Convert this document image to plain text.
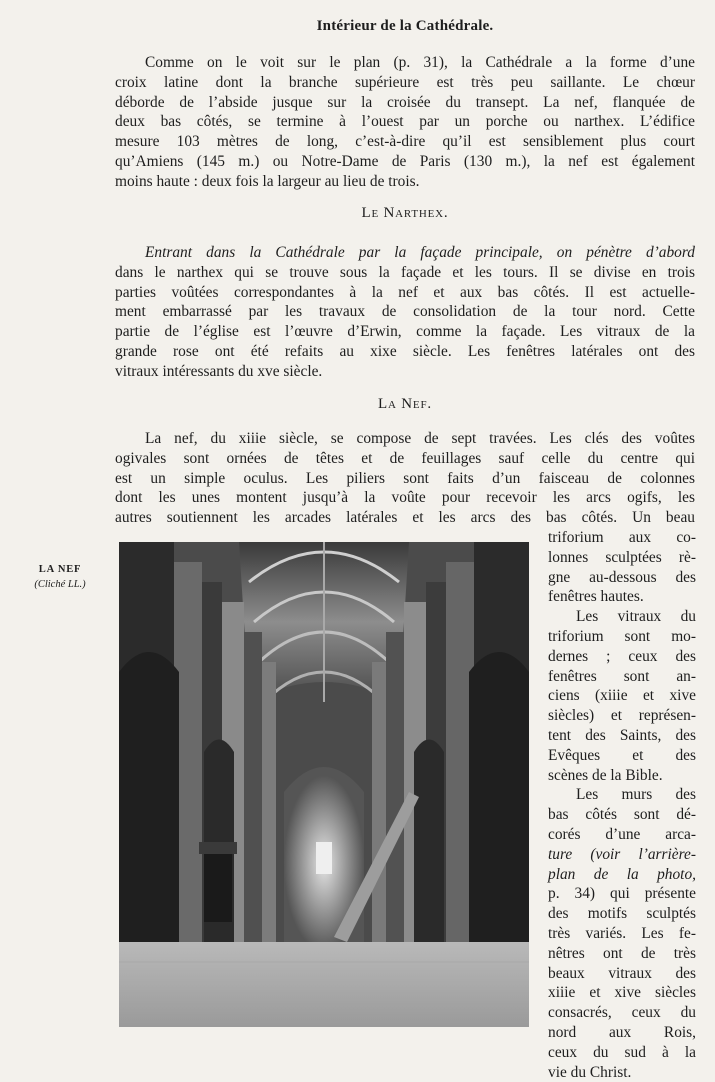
Intérieur de la Cathédrale.
Comme on le voit sur le plan (p. 31), la Cathédrale a la forme d’une
croix latine dont la branche supérieure est très peu saillante. Le chœur
déborde de l’abside jusque sur la croisée du transept. La nef, flanquée de
deux bas côtés, se termine à l’ouest par un porche ou narthex. L’édifice
mesure 103 mètres de long, c’est-à-dire qu’il est sensiblement plus court
qu’Amiens (145 m.) ou Notre-Dame de Paris (130 m.), la nef est également
moins haute : deux fois la largeur au lieu de trois.
Le Narthex.
Entrant dans la Cathédrale par la façade principale, on pénètre d’abord
dans le narthex qui se trouve sous la façade et les tours. Il se divise en trois
parties voûtées correspondantes à la nef et aux bas côtés. Il est actuelle-
ment embarrassé par les travaux de consolidation de la tour nord. Cette
partie de l’église est l’œuvre d’Erwin, comme la façade. Les vitraux de la
grande rose ont été refaits au xixe siècle. Les fenêtres latérales ont des
vitraux intéressants du xve siècle.
La Nef.
La nef, du xiiie siècle, se compose de sept travées. Les clés des voûtes
ogivales sont ornées de têtes et de feuillages sauf celle du centre qui
est un simple oculus. Les piliers sont faits d’un faisceau de colonnes
dont les unes montent jusqu’à la voûte pour recevoir les arcs ogifs, les
autres soutiennent les arcades latérales et les arcs des bas côtés. Un beau
LA NEF
(Cliché LL.)
triforium aux co-
lonnes sculptées rè-
gne au-dessous des
fenêtres hautes.
Les vitraux du
triforium sont mo-
dernes ; ceux des
fenêtres sont an-
ciens (xiiie et xive
siècles) et représen-
tent des Saints, des
Evêques et des
scènes de la Bible.
Les murs des
bas côtés sont dé-
corés d’une arca-
ture (voir l’arrière-
plan de la photo,
p. 34) qui présente
des motifs sculptés
très variés. Les fe-
nêtres ont de très
beaux vitraux des
xiiie et xive siècles
consacrés, ceux du
nord aux Rois,
ceux du sud à la
vie du Christ.
